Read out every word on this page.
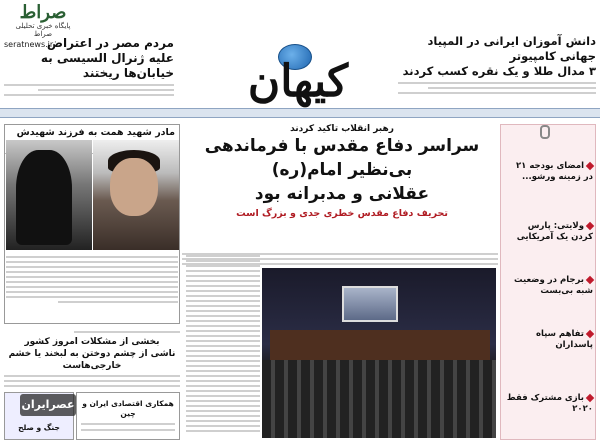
صراط
پایگاه خبری تحلیلی صراط
seratnews.ir
مردم مصر در اعتراض
علیه ژنرال السیسی به خیابان‌ها ریختند
دانش آموزان ایرانی در المپیاد جهانی کامپیوتر
۳ مدال طلا و یک نقره کسب کردند
کیهان
مادر شهید همت به فرزند شهیدش	رهبر انقلاب تاکید کردند
سراسر دفاع مقدس با فرماندهی بی‌نظیر امام(ره)
عقلانی و مدبرانه بود
تحریف دفاع مقدس خطری جدی و بزرگ است
امضای بودجه ۲۱ در زمینه ورشو...
ولایتی: پارس کردن یک آمریکایی
برجام در وضعیت شبه بی‌بست
تفاهم سپاه پاسداران
بازی مشترک فقط ۲۰۲۰
بخشی از مشکلات امروز کشور
ناشی از چشم دوختن به لبخند یا خشم خارجی‌هاست
جنگ و صلح
همکاری اقتصادی ایران و چین
عصرایران
